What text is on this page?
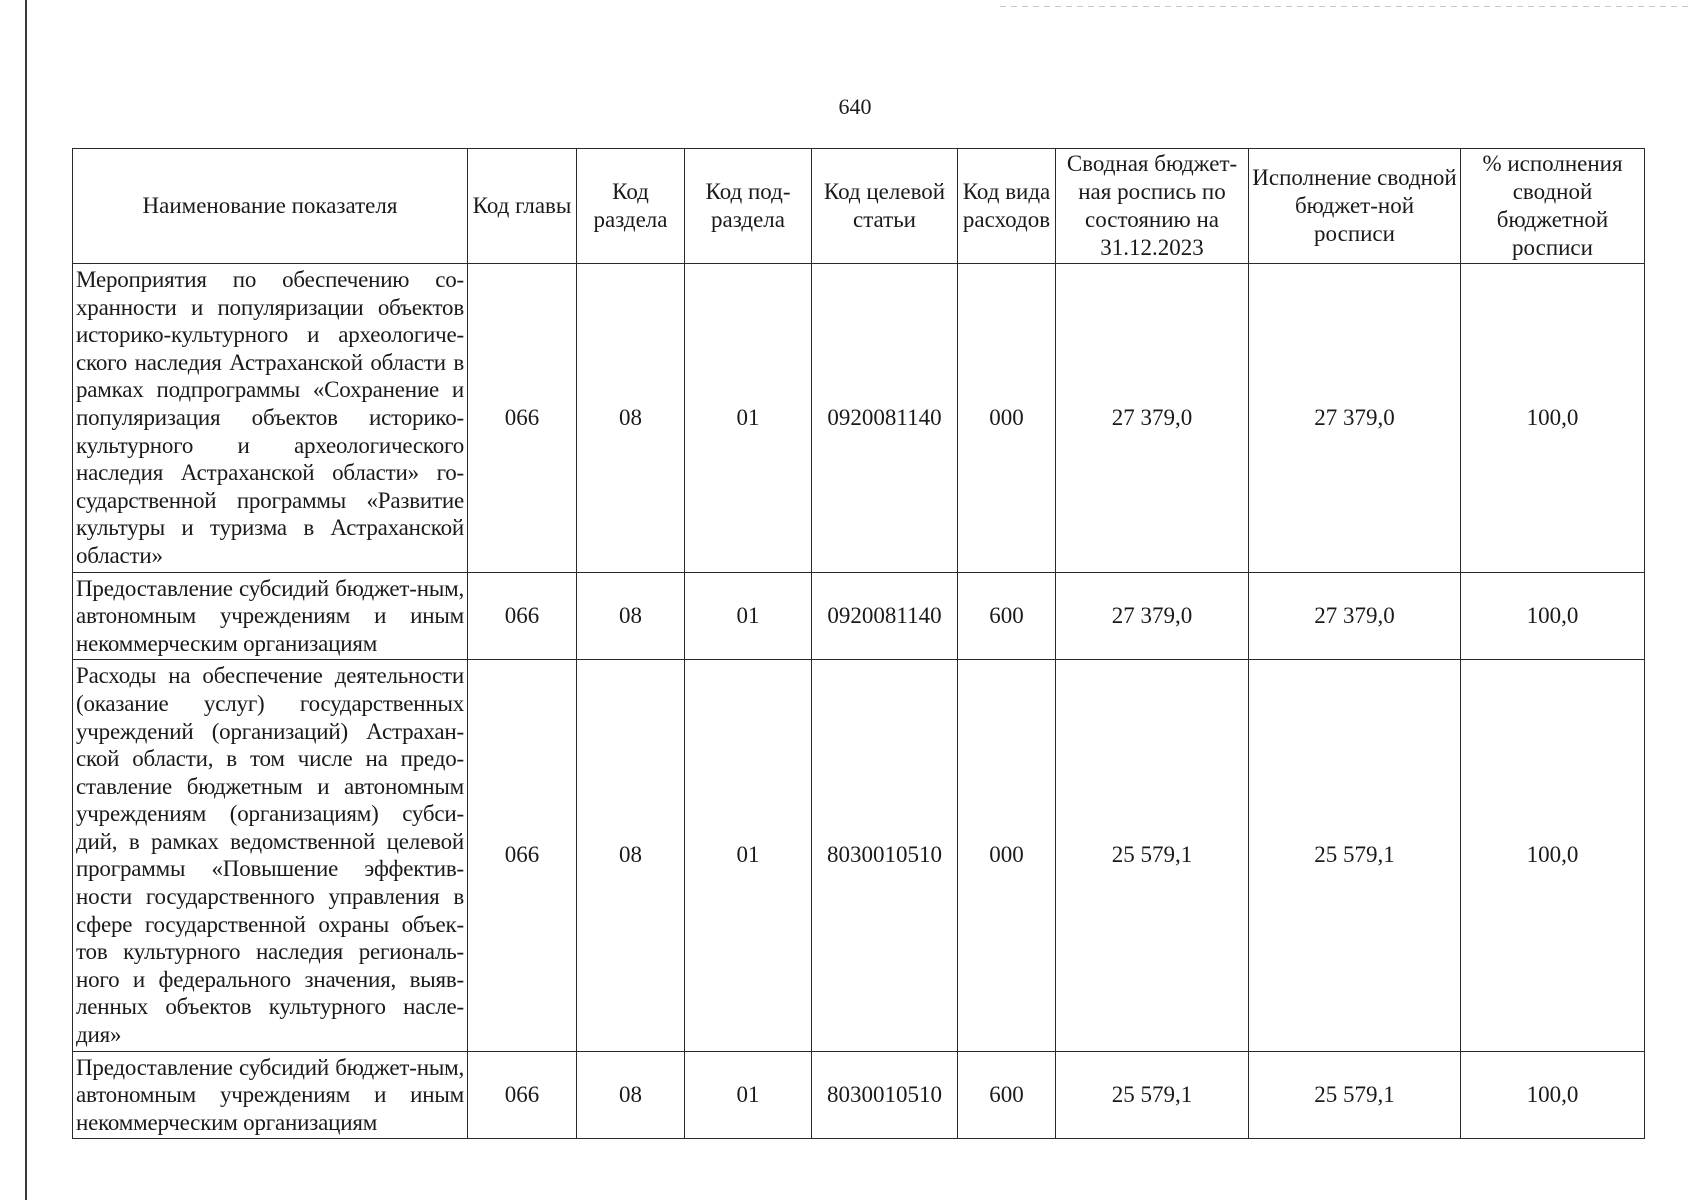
640
Наименование показателя	Код главы	Код раздела	Код под-раздела	Код целевой статьи	Код вида расходов	Сводная бюджет-ная роспись по состоянию на 31.12.2023	Исполнение сводной бюджет-ной росписи	% исполнения сводной бюджетной росписи
Мероприятия по обеспечению со-хранности и популяризации объектов историко-культурного и археологиче-ского наследия Астраханской области в рамках подпрограммы «Сохранение и популяризация объектов историко-культурного и археологического наследия Астраханской области» го-сударственной программы «Развитие культуры и туризма в Астраханской области»	066	08	01	0920081140	000	27 379,0	27 379,0	100,0
Предоставление субсидий бюджет-ным, автономным учреждениям и иным некоммерческим организациям	066	08	01	0920081140	600	27 379,0	27 379,0	100,0
Расходы на обеспечение деятельности (оказание услуг) государственных учреждений (организаций) Астрахан-ской области, в том числе на предо-ставление бюджетным и автономным учреждениям (организациям) субси-дий, в рамках ведомственной целевой программы «Повышение эффектив-ности государственного управления в сфере государственной охраны объек-тов культурного наследия региональ-ного и федерального значения, выяв-ленных объектов культурного насле-дия»	066	08	01	8030010510	000	25 579,1	25 579,1	100,0
Предоставление субсидий бюджет-ным, автономным учреждениям и иным некоммерческим организациям	066	08	01	8030010510	600	25 579,1	25 579,1	100,0
